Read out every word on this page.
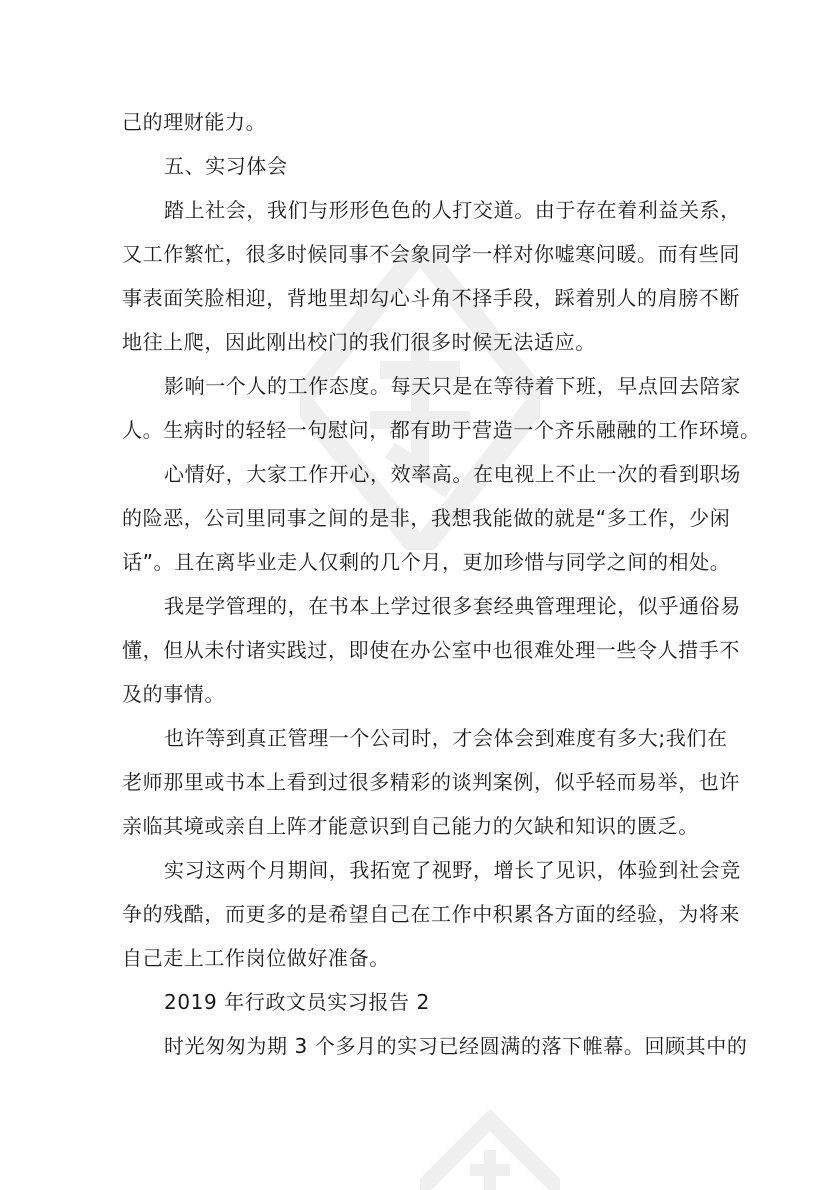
己的理财能力。
五、实习体会
踏上社会，我们与形形色色的人打交道。由于存在着利益关系，
又工作繁忙，很多时候同事不会象同学一样对你嘘寒问暖。而有些同
事表面笑脸相迎，背地里却勾心斗角不择手段，踩着别人的肩膀不断
地往上爬，因此刚出校门的我们很多时候无法适应。
影响一个人的工作态度。每天只是在等待着下班，早点回去陪家
人。生病时的轻轻一句慰问，都有助于营造一个齐乐融融的工作环境。
心情好，大家工作开心，效率高。在电视上不止一次的看到职场
的险恶，公司里同事之间的是非，我想我能做的就是“多工作，少闲
话”。且在离毕业走人仅剩的几个月，更加珍惜与同学之间的相处。
我是学管理的，在书本上学过很多套经典管理理论，似乎通俗易
懂，但从未付诸实践过，即使在办公室中也很难处理一些令人措手不
及的事情。
也许等到真正管理一个公司时，才会体会到难度有多大;我们在
老师那里或书本上看到过很多精彩的谈判案例，似乎轻而易举，也许
亲临其境或亲自上阵才能意识到自己能力的欠缺和知识的匮乏。
实习这两个月期间，我拓宽了视野，增长了见识，体验到社会竞
争的残酷，而更多的是希望自己在工作中积累各方面的经验，为将来
自己走上工作岗位做好准备。
2019 年行政文员实习报告 2
时光匆匆为期 3 个多月的实习已经圆满的落下帷幕。回顾其中的
